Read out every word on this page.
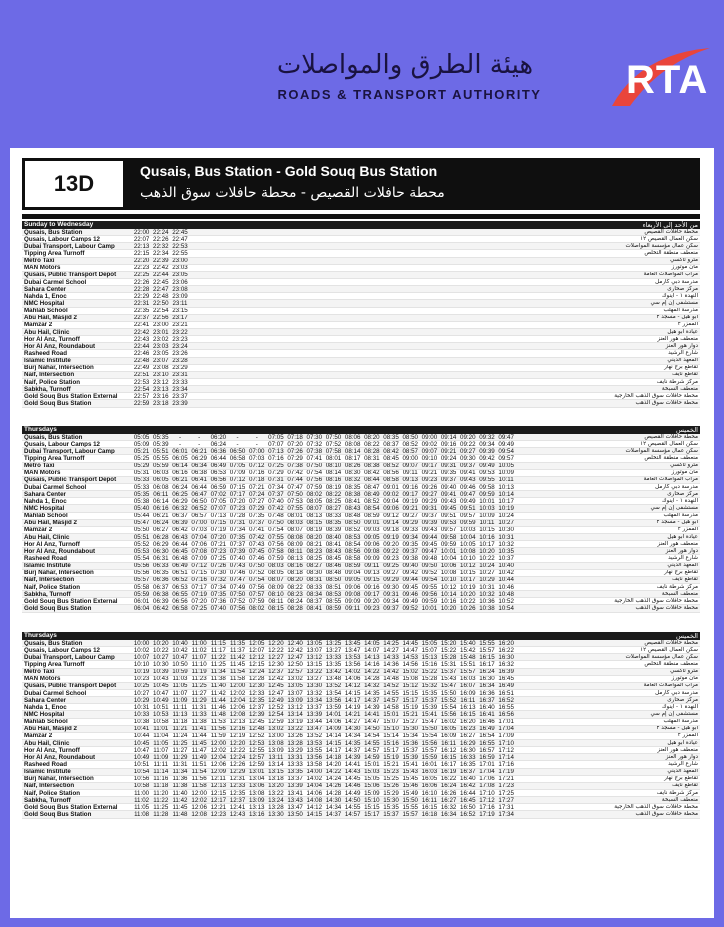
هيئة الطرق والمواصلات
ROADS & TRANSPORT AUTHORITY	RTA
13D	Qusais, Bus Station - Gold Souq Bus Station
محطة حافلات القصيص - محطة حافلات سوق الذهب
Sunday to Wednesday	من الأحد إلى الأربعاء
Qusais, Bus Station	22:00 22:24 22:45	محطة حافلات القصيص
Qusais, Labour Camps 12	22:07 22:26 22:47	سكن العمال القصيص ١٢
Dubai Transport, Labour Camp	22:13 22:32 22:53	سكن عمال مؤسسة المواصلات
Tipping Area Turnoff	22:15 22:34 22:55	منعطف منطقة التخلص
Metro Taxi	22:20 22:39 23:00	مترو تاكسي
MAN Motors	22:23 22:42 23:03	مان موتورز
Qusais, Public Transport Depot	22:25 22:44 23:05	مرآب المواصلات العامة
Dubai Carmel School	22:26 22:45 23:06	مدرسة دبي كارمل
Sahara Center	22:28 22:47 23:08	مركز صحارى
Nahda 1, Enoc	22:29 22:48 23:09	النهدة ١ - اينوك
NMC Hospital	22:31 22:50 23:11	مستشفى إن إم سي
Mahlab School	22:35 22:54 23:15	مدرسة المهلب
Abu Hail, Masjid 2	22:37 22:56 23:17	أبو هيل - مسجد ٢
Mamzar 2	22:41 23:00 23:21	الممزر ٢
Abu Hail, Clinic	22:42 23:01 23:22	عيادة أبو هيل
Hor Al Anz, Turnoff	22:43 23:02 23:23	منعطف هور العنز
Hor Al Anz, Roundabout	22:44 23:03 23:24	دوار هور العنز
Rasheed Road	22:46 23:05 23:26	شارع الرشيد
Islamic Institute	22:48 23:07 23:28	المعهد الديني
Burj Nahar, Intersection	22:49 23:08 23:29	تقاطع برج نهار
Naif, Intersection	22:51 23:10 23:31	تقاطع نايف
Naif, Police Station	22:53 23:12 23:33	مركز شرطة نايف
Sabkha, Turnoff	22:54 23:13 23:34	منعطف السبخة
Gold Souq Bus Station External	22:57 23:16 23:37	محطة حافلات سوق الذهب الخارجية
Gold Souq Bus Station	22:59 23:18 23:39	محطة حافلات سوق الذهب
Thursdays	الخميس
Qusais, Bus Station	05:05 05:35	-	-	06:20	-	-	07:05 07:18 07:30 07:50 08:06 08:20 08:35 08:50 09:00 09:14 09:20 09:32 09:47	محطة حافلات القصيص
Qusais, Labour Camps 12	05:09 05:39	-	-	06:24	-	-	07:07 07:20 07:32 07:52 08:08 08:22 08:37 08:52 09:02 09:16 09:22 09:34 09:49	سكن العمال القصيص ١٢
Dubai Transport, Labour Camp	05:21 05:51 06:01 06:21 06:36 06:50 07:00 07:13 07:26 07:38 07:58 08:14 08:28 08:42 08:57 09:07 09:21 09:27 09:39 09:54	سكن عمال مؤسسة المواصلات
Tipping Area Turnoff	05:25 05:55 06:05 06:29 06:44 06:58 07:03 07:16 07:29 07:41 08:01 08:17 08:31 08:45 09:00 09:10 09:24 09:30 09:42 09:57	منعطف منطقة التخلص
Metro Taxi	05:29 05:59 06:14 06:34 06:49 07:05 07:12 07:25 07:38 07:50 08:10 08:26 08:38 08:52 09:07 09:17 09:31 09:37 09:49 10:05	مترو تاكسي
MAN Motors	05:31 06:03 06:16 06:38 06:53 07:09 07:16 07:29 07:42 07:54 08:14 08:30 08:42 08:56 09:11 09:21 09:35 09:41 09:53 10:09	مان موتورز
Qusais, Public Transport Depot	05:33 06:05 06:21 06:41 06:56 07:12 07:18 07:31 07:44 07:56 08:16 08:32 08:44 08:58 09:13 09:23 09:37 09:43 09:55 10:11	مرآب المواصلات العامة
Dubai Carmel School	05:33 06:08 06:24 06:44 06:59 07:15 07:21 07:34 07:47 07:59 08:19 08:35 08:47 09:01 09:16 09:26 09:40 09:46 09:58 10:13	مدرسة دبي كارمل
Sahara Center	05:35 06:11 06:25 06:47 07:02 07:17 07:24 07:37 07:50 08:02 08:22 08:38 08:49 09:02 09:17 09:27 09:41 09:47 09:59 10:14	مركز صحارى
Nahda 1, Enoc	05:38 06:14 06:29 06:50 07:05 07:20 07:27 07:40 07:53 08:05 08:25 08:41 08:52 09:04 09:19 09:29 09:43 09:49 10:01 10:17	النهدة ١ - اينوك
NMC Hospital	05:40 06:16 06:32 06:52 07:07 07:23 07:29 07:42 07:55 08:07 08:27 08:43 08:54 09:06 09:21 09:31 09:45 09:51 10:03 10:19	مستشفى إن إم سي
Mahlab School	05:44 06:21 06:37 06:57 07:13 07:28 07:35 07:48 08:01 08:13 08:33 08:48 08:59 09:12 09:27 09:37 09:51 09:57 10:09 10:24	مدرسة المهلب
Abu Hail, Masjid 2	05:47 06:24 06:39 07:00 07:15 07:31 07:37 07:50 08:03 08:15 08:35 08:50 09:01 09:14 09:29 09:39 09:53 09:59 10:11 10:27	أبو هيل - مسجد ٢
Mamzar 2	05:50 06:27 06:42 07:03 07:19 07:34 07:41 07:54 08:07 08:19 08:39 08:52 09:03 09:18 09:33 09:43 09:57 10:03 10:15 10:30	الممزر ٢
Abu Hail, Clinic	05:51 06:28 06:43 07:04 07:20 07:35 07:42 07:55 08:08 08:20 08:40 08:53 09:05 09:19 09:34 09:44 09:58 10:04 10:16 10:31	عيادة أبو هيل
Hor Al Anz, Turnoff	05:52 06:29 06:44 07:06 07:21 07:37 07:43 07:56 08:09 08:21 08:41 08:54 09:06 09:20 09:35 09:45 09:59 10:05 10:17 10:32	منعطف هور العنز
Hor Al Anz, Roundabout	05:53 06:30 06:45 07:08 07:23 07:39 07:45 07:58 08:11 08:23 08:43 08:56 09:08 09:22 09:37 09:47 10:01 10:08 10:20 10:35	دوار هور العنز
Rasheed Road	05:54 06:31 06:48 07:09 07:25 07:40 07:46 07:59 08:13 08:25 08:45 08:58 09:09 09:23 09:38 09:48 10:04 10:10 10:22 10:37	شارع الرشيد
Islamic Institute	05:56 06:33 06:49 07:12 07:26 07:43 07:50 08:03 08:16 08:27 08:46 08:59 09:11 09:25 09:40 09:50 10:06 10:12 10:24 10:40	المعهد الديني
Burj Nahar, Intersection	05:56 06:35 06:51 07:15 07:30 07:46 07:52 08:05 08:18 08:30 08:48 09:04 09:13 09:27 09:42 09:52 10:08 10:15 10:27 10:42	تقاطع برج نهار
Naif, Intersection	05:57 06:36 06:52 07:16 07:32 07:47 07:54 08:07 08:20 08:31 08:50 09:05 09:15 09:29 09:44 09:54 10:10 10:17 10:29 10:44	تقاطع نايف
Naif, Police Station	05:58 06:37 06:53 07:17 07:34 07:49 07:56 08:09 08:22 08:33 08:51 09:06 09:16 09:30 09:45 09:55 10:12 10:19 10:31 10:46	مركز شرطة نايف
Sabkha, Turnoff	05:59 06:38 06:55 07:19 07:35 07:50 07:57 08:10 08:23 08:34 08:53 09:08 09:17 09:31 09:46 09:56 10:14 10:20 10:32 10:48	منعطف السبخة
Gold Souq Bus Station External	06:01 06:39 06:56 07:20 07:36 07:52 07:59 08:11 08:24 08:37 08:55 09:09 09:20 09:34 09:49 09:59 10:16 10:22 10:36 10:52	محطة حافلات سوق الذهب الخارجية
Gold Souq Bus Station	06:04 06:42 06:58 07:25 07:40 07:56 08:02 08:15 08:28 08:41 08:59 09:11 09:23 09:37 09:52 10:01 10:20 10:26 10:38 10:54	محطة حافلات سوق الذهب
Thursdays	الخميس
Qusais, Bus Station	10:00 10:20 10:40 11:00 11:15 11:35 12:05 12:20 12:40 13:05 13:25 13:45 14:05 14:25 14:45 15:05 15:20 15:40 15:55 16:20	محطة حافلات القصيص
Qusais, Labour Camps 12	10:02 10:22 10:42 11:02 11:17 11:37 12:07 12:22 12:42 13:07 13:27 13:47 14:07 14:27 14:47 15:07 15:22 15:42 15:57 16:22	سكن العمال القصيص ١٢
Dubai Transport, Labour Camp	10:07 10:27 10:47 11:07 11:22 11:42 12:12 12:27 12:47 13:12 13:33 13:53 14:13 14:33 14:53 15:13 15:28 15:48 16:15 16:30	سكن عمال مؤسسة المواصلات
Tipping Area Turnoff	10:10 10:30 10:50 11:10 11:25 11:45 12:15 12:30 12:50 13:15 13:35 13:56 14:16 14:36 14:56 15:16 15:31 15:51 16:17 16:32	منعطف منطقة التخلص
Metro Taxi	10:19 10:39 10:59 11:19 11:34 11:54 12:24 12:37 12:57 13:22 13:42 14:02 14:22 14:42 15:02 15:22 15:37 15:57 16:24 16:39	مترو تاكسي
MAN Motors	10:23 10:43 11:03 11:23 11:38 11:58 12:28 12:42 13:02 13:27 13:48 14:06 14:28 14:48 15:08 15:28 15:43 16:03 16:30 16:45	مان موتورز
Qusais, Public Transport Depot	10:25 10:45 11:05 11:25 11:40 12:00 12:30 12:45 13:05 13:30 13:52 14:12 14:32 14:52 15:12 15:32 15:47 16:07 16:34 16:49	مرآب المواصلات العامة
Dubai Carmel School	10:27 10:47 11:07 11:27 11:42 12:02 12:33 12:47 13:07 13:32 13:54 14:15 14:35 14:55 15:15 15:35 15:50 16:09 16:36 16:51	مدرسة دبي كارمل
Sahara Center	10:29 10:49 11:09 11:29 11:44 12:04 12:35 12:49 13:09 13:34 13:56 14:17 14:37 14:57 15:17 15:37 15:52 16:11 16:37 16:52	مركز صحارى
Nahda 1, Enoc	10:31 10:51 11:11 11:31 11:46 12:06 12:37 12:52 13:12 13:37 13:59 14:19 14:39 14:58 15:19 15:39 15:54 16:13 16:40 16:55	النهدة ١ - اينوك
NMC Hospital	10:33 10:53 11:13 11:33 11:48 12:08 12:39 12:54 13:14 13:39 14:01 14:21 14:41 15:01 15:21 15:41 15:56 16:15 16:41 16:56	مستشفى إن إم سي
Mahlab School	10:38 10:58 11:18 11:38 11:53 12:13 12:45 12:59 13:19 13:44 14:06 14:27 14:47 15:07 15:27 15:47 16:02 16:20 16:46 17:01	مدرسة المهلب
Abu Hail, Masjid 2	10:41 11:01 11:21 11:41 11:56 12:16 12:48 13:02 13:22 13:47 14:09 14:30 14:50 15:10 15:30 15:50 16:05 16:23 16:49 17:04	أبو هيل - مسجد ٢
Mamzar 2	10:44 11:04 11:24 11:44 11:59 12:19 12:52 13:00 13:26 13:52 14:14 14:34 14:54 15:14 15:34 15:54 16:09 16:27 16:54 17:09	الممزر ٢
Abu Hail, Clinic	10:45 11:05 11:25 11:45 12:00 12:20 12:53 13:08 13:28 13:53 14:15 14:35 14:55 15:16 15:36 15:56 16:11 16:29 16:55 17:10	عيادة أبو هيل
Hor Al Anz, Turnoff	10:47 11:07 11:27 11:47 12:02 12:22 12:55 13:09 13:29 13:55 14:17 14:37 14:57 15:17 15:37 15:57 16:12 16:30 16:57 17:12	منعطف هور العنز
Hor Al Anz, Roundabout	10:49 11:09 11:29 11:49 12:04 12:24 12:57 13:11 13:31 13:56 14:18 14:39 14:59 15:19 15:39 15:59 16:15 16:33 16:59 17:14	دوار هور العنز
Rasheed Road	10:51 11:11 11:31 11:51 12:06 12:26 12:59 13:14 13:33 13:58 14:20 14:41 15:01 15:21 15:41 16:01 16:17 16:35 17:01 17:16	شارع الرشيد
Islamic Institute	10:54 11:14 11:34 11:54 12:09 12:29 13:01 13:15 13:35 14:00 14:22 14:43 15:03 15:23 15:43 16:03 16:19 16:37 17:04 17:19	المعهد الديني
Burj Nahar, Intersection	10:56 11:16 11:36 11:56 12:11 12:31 13:04 13:18 13:37 14:02 14:24 14:45 15:05 15:25 15:45 16:05 16:22 16:40 17:06 17:21	تقاطع برج نهار
Naif, Intersection	10:58 11:18 11:38 11:58 12:13 12:33 13:06 13:20 13:39 14:04 14:26 14:46 15:06 15:26 15:46 16:06 16:24 16:42 17:08 17:23	تقاطع نايف
Naif, Police Station	11:00 11:20 11:40 12:00 12:15 12:35 13:08 13:22 13:41 14:06 14:28 14:49 15:09 15:29 15:49 16:10 16:26 16:44 17:10 17:25	مركز شرطة نايف
Sabkha, Turnoff	11:02 11:22 11:42 12:02 12:17 12:37 13:09 13:24 13:43 14:08 14:30 14:50 15:10 15:30 15:50 16:11 16:27 16:45 17:12 17:27	منعطف السبخة
Gold Souq Bus Station External	11:05 11:25 11:45 12:06 12:21 12:41 13:13 13:28 13:47 14:12 14:34 14:55 15:15 15:35 15:55 16:15 16:32 16:50 17:16 17:31	محطة حافلات سوق الذهب الخارجية
Gold Souq Bus Station	11:08 11:28 11:48 12:08 12:23 12:43 13:16 13:30 13:50 14:15 14:37 14:57 15:17 15:37 15:57 16:18 16:34 16:52 17:19 17:34	محطة حافلات سوق الذهب
